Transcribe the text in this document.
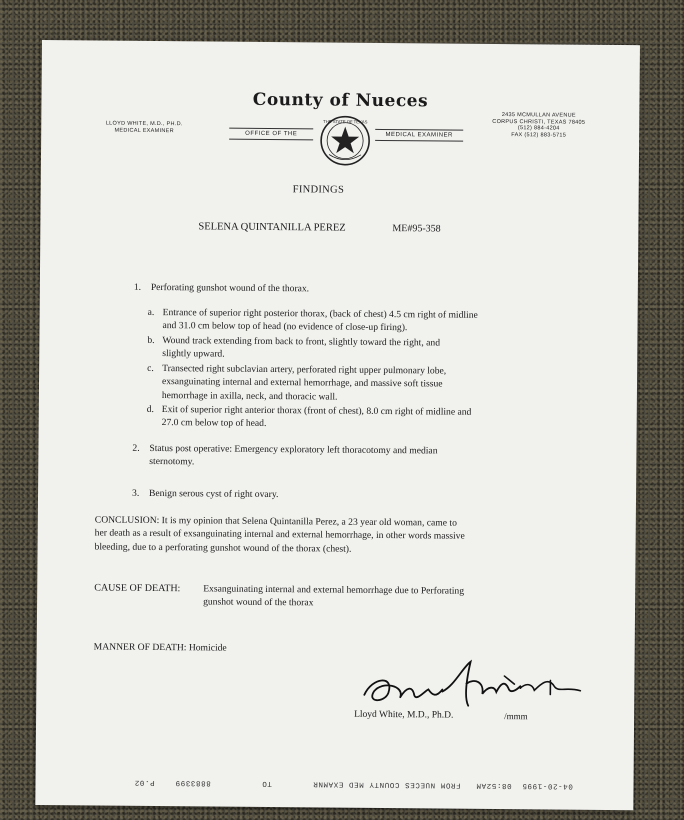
County of Nueces
LLOYD WHITE, M.D., PH.D.
MEDICAL EXAMINER	OFFICE OF THE
THE STATE OF TEXAS
MEDICAL EXAMINER
2435 MCMULLAN AVENUE
CORPUS CHRISTI, TEXAS 78405
(512) 884-4204
FAX (512) 883-5715
FINDINGS
SELENA QUINTANILLA PEREZ	ME#95-358
1. Perforating gunshot wound of the thorax.
a. Entrance of superior right posterior thorax, (back of chest) 4.5 cm right of midline
and 31.0 cm below top of head (no evidence of close-up firing).
b. Wound track extending from back to front, slightly toward the right, and
slightly upward.
c. Transected right subclavian artery, perforated right upper pulmonary lobe,
exsanguinating internal and external hemorrhage, and massive soft tissue
hemorrhage in axilla, neck, and thoracic wall.
d. Exit of superior right anterior thorax (front of chest), 8.0 cm right of midline and
27.0 cm below top of head.
2. Status post operative: Emergency exploratory left thoracotomy and median
sternotomy.
3. Benign serous cyst of right ovary.
CONCLUSION: It is my opinion that Selena Quintanilla Perez, a 23 year old woman, came to
her death as a result of exsanguinating internal and external hemorrhage, in other words massive
bleeding, due to a perforating gunshot wound of the thorax (chest).
CAUSE OF DEATH: Exsanguinating internal and external hemorrhage due to Perforating
gunshot wound of the thorax
MANNER OF DEATH: Homicide
Lloyd White, M.D., Ph.D.	/mmm
04-20-1995  08:52AM   FROM NUECES COUNTY MED EXAMNR        TO          8883399    P.02
